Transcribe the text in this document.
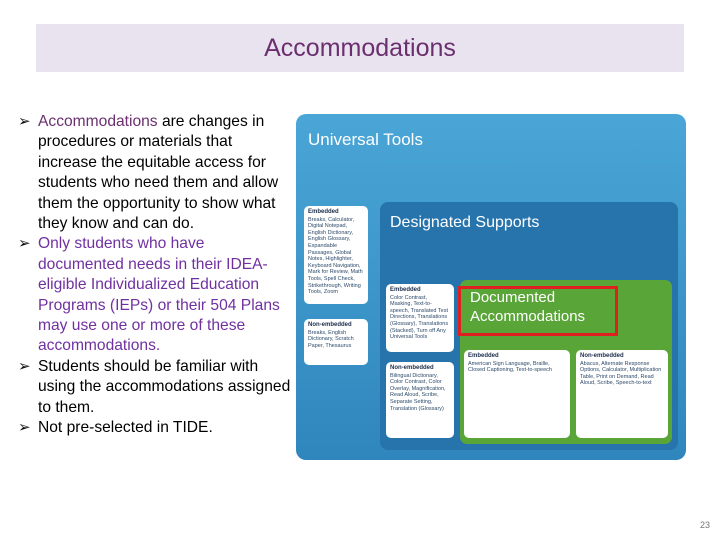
Accommodations

➢ Accommodations are changes in procedures or materials that increase the equitable access for students who need them and allow them the opportunity to show what they know and can do.

➢ Only students who have documented needs in their IDEA-eligible Individualized Education Programs (IEPs) or their 504 Plans may use one or more of these accommodations.

➢ Students should be familiar with using the accommodations assigned to them.

➢ Not pre-selected in TIDE.

Universal Tools
Embedded
Breaks, Calculator, Digital Notepad, English Dictionary, English Glossary, Expandable Passages, Global Notes, Highlighter, Keyboard Navigation, Mark for Review, Math Tools, Spell Check, Strikethrough, Writing Tools, Zoom
Non-embedded
Breaks, English Dictionary, Scratch Paper, Thesaurus
Designated Supports
Embedded
Color Contrast, Masking, Text-to-speech, Translated Test Directions, Translations (Glossary), Translations (Stacked), Turn off Any Universal Tools
Non-embedded
Bilingual Dictionary, Color Contrast, Color Overlay, Magnification, Read Aloud, Scribe, Separate Setting, Translation (Glossary)
Documented Accommodations
Embedded
American Sign Language, Braille, Closed Captioning, Text-to-speech
Non-embedded
Abacus, Alternate Response Options, Calculator, Multiplication Table, Print on Demand, Read Aloud, Scribe, Speech-to-text
23
